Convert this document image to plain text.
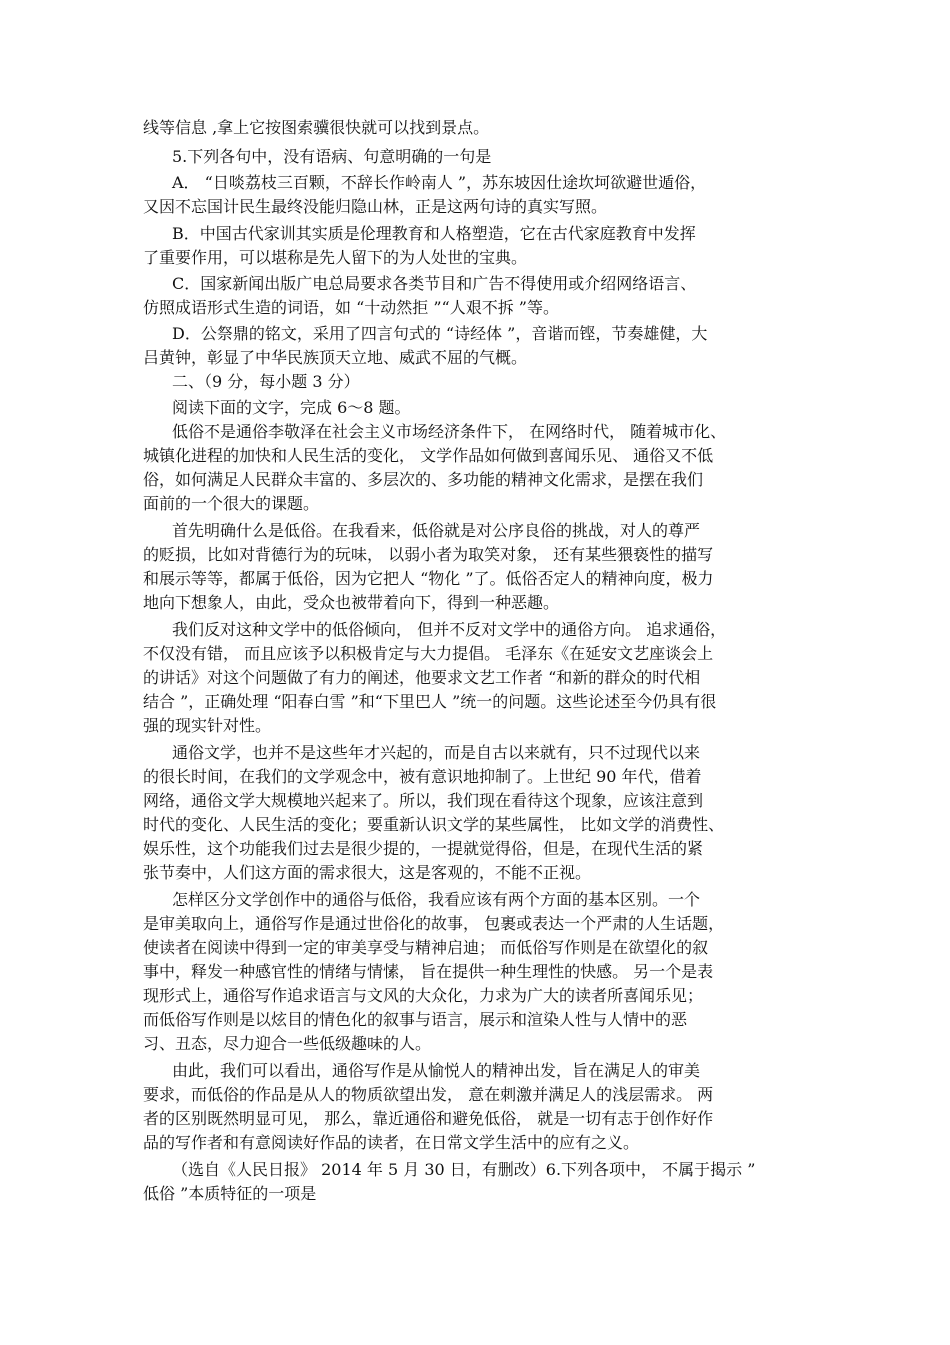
线等信息 ,拿上它按图索骥很快就可以找到景点。
5.下列各句中，没有语病、句意明确的一句是
A． “日啖荔枝三百颗，不辞长作岭南人 ”，苏东坡因仕途坎坷欲避世遁俗，
又因不忘国计民生最终没能归隐山林，正是这两句诗的真实写照。
B．中国古代家训其实质是伦理教育和人格塑造，它在古代家庭教育中发挥
了重要作用，可以堪称是先人留下的为人处世的宝典。
C．国家新闻出版广电总局要求各类节目和广告不得使用或介绍网络语言、
仿照成语形式生造的词语，如 “十动然拒 ”“人艰不拆 ”等。
D．公祭鼎的铭文，采用了四言句式的 “诗经体 ”，音谐而铿，节奏雄健，大
吕黄钟，彰显了中华民族顶天立地、威武不屈的气概。
二、（9 分，每小题 3 分）
阅读下面的文字，完成 6～8 题。
低俗不是通俗李敬泽在社会主义市场经济条件下， 在网络时代， 随着城市化、
城镇化进程的加快和人民生活的变化， 文学作品如何做到喜闻乐见、 通俗又不低
俗，如何满足人民群众丰富的、多层次的、多功能的精神文化需求，是摆在我们
面前的一个很大的课题。
首先明确什么是低俗。在我看来，低俗就是对公序良俗的挑战，对人的尊严
的贬损，比如对背德行为的玩味， 以弱小者为取笑对象， 还有某些猥亵性的描写
和展示等等，都属于低俗，因为它把人 “物化 ”了。低俗否定人的精神向度，极力
地向下想象人，由此，受众也被带着向下，得到一种恶趣。
我们反对这种文学中的低俗倾向， 但并不反对文学中的通俗方向。 追求通俗，
不仅没有错， 而且应该予以积极肯定与大力提倡。 毛泽东《在延安文艺座谈会上
的讲话》对这个问题做了有力的阐述，他要求文艺工作者 “和新的群众的时代相
结合 ”，正确处理 “阳春白雪 ”和“下里巴人 ”统一的问题。这些论述至今仍具有很
强的现实针对性。
通俗文学，也并不是这些年才兴起的，而是自古以来就有，只不过现代以来
的很长时间，在我们的文学观念中，被有意识地抑制了。上世纪 90 年代，借着
网络，通俗文学大规模地兴起来了。所以，我们现在看待这个现象，应该注意到
时代的变化、人民生活的变化；要重新认识文学的某些属性， 比如文学的消费性、
娱乐性，这个功能我们过去是很少提的，一提就觉得俗，但是，在现代生活的紧
张节奏中，人们这方面的需求很大，这是客观的，不能不正视。
怎样区分文学创作中的通俗与低俗，我看应该有两个方面的基本区别。一个
是审美取向上，通俗写作是通过世俗化的故事， 包裹或表达一个严肃的人生话题，
使读者在阅读中得到一定的审美享受与精神启迪； 而低俗写作则是在欲望化的叙
事中，释发一种感官性的情绪与情愫， 旨在提供一种生理性的快感。 另一个是表
现形式上，通俗写作追求语言与文风的大众化，力求为广大的读者所喜闻乐见；
而低俗写作则是以炫目的情色化的叙事与语言，展示和渲染人性与人情中的恶
习、丑态，尽力迎合一些低级趣味的人。
由此，我们可以看出，通俗写作是从愉悦人的精神出发，旨在满足人的审美
要求，而低俗的作品是从人的物质欲望出发， 意在刺激并满足人的浅层需求。 两
者的区别既然明显可见， 那么，靠近通俗和避免低俗， 就是一切有志于创作好作
品的写作者和有意阅读好作品的读者，在日常文学生活中的应有之义。
（选自《人民日报》 2014 年 5 月 30 日，有删改）6.下列各项中， 不属于揭示 ”
低俗 ”本质特征的一项是
